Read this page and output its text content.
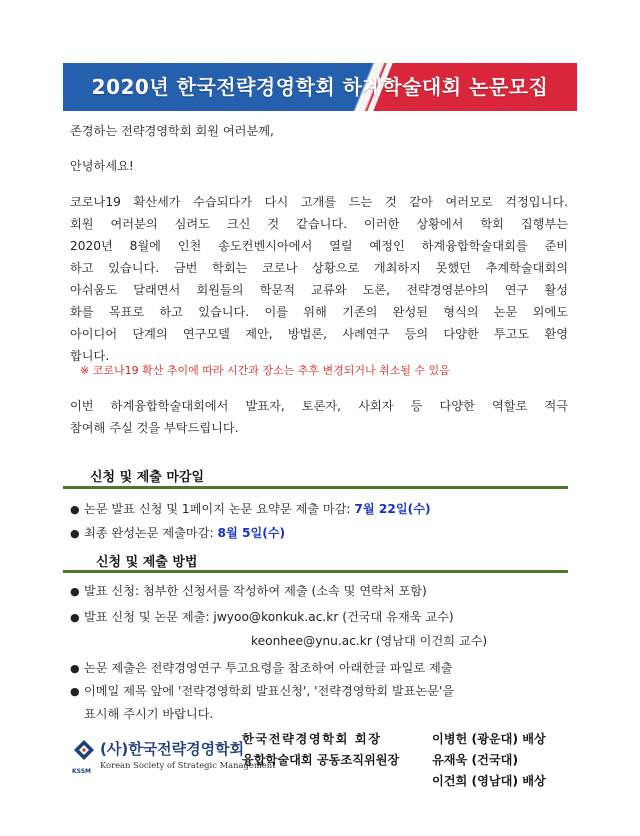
2020년 한국전략경영학회 하계학술대회 논문모집
존경하는 전략경영학회 회원 여러분께,
안녕하세요!
코로나19 확산세가 수습되다가 다시 고개를 드는 것 같아 여러모로 걱정입니다.
회원 여러분의 심려도 크신 것 같습니다. 이러한 상황에서 학회 집행부는
2020년 8월에 인천 송도컨벤시아에서 열릴 예정인 하계융합학술대회를 준비
하고 있습니다. 금번 학회는 코로나 상황으로 개최하지 못했던 추계학술대회의
아쉬움도 달래면서 회원들의 학문적 교류와 도론, 전략경영분야의 연구 활성
화를 목표로 하고 있습니다. 이를 위해 기존의 완성된 형식의 논문 외에도
아이디어 단계의 연구모델 제안, 방법론, 사례연구 등의 다양한 투고도 환영
합니다.
※ 코로나19 확산 추이에 따라 시간과 장소는 추후 변경되거나 취소될 수 있음
이번 하계융합학술대회에서 발표자, 토론자, 사회자 등 다양한 역할로 적극
참여해 주실 것을 부탁드립니다.
신청 및 제출 마감일
● 논문 발표 신청 및 1페이지 논문 요약문 제출 마감: 7월 22일(수)
● 최종 완성논문 제출마감: 8월 5일(수)
신청 및 제출 방법
● 발표 신청: 첨부한 신청서를 작성하여 제출 (소속 및 연락처 포함)
● 발표 신청 및 논문 제출: jwyoo@konkuk.ac.kr (건국대 유재욱 교수)
keonhee@ynu.ac.kr (영남대 이건희 교수)
● 논문 제출은 전략경영연구 투고요령을 참조하여 아래한글 파일로 제출
● 이메일 제목 앞에 '전략경영학회 발표신청', '전략경영학회 발표논문'을
표시해 주시기 바랍니다.
KSSM
(사)한국전략경영학회
Korean Society of Strategic Management
한국전략경영학회 회장	이병헌 (광운대) 배상
융합학술대회 공동조직위원장	유재욱 (건국대)
이건희 (영남대) 배상
